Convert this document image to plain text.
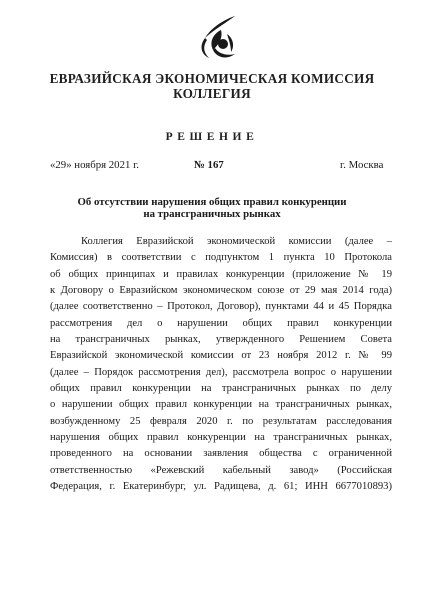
ЕВРАЗИЙСКАЯ ЭКОНОМИЧЕСКАЯ КОМИССИЯ
КОЛЛЕГИЯ
РЕШЕНИЕ
«29» ноября 2021 г.	№ 167	г. Москва
Об отсутствии нарушения общих правил конкуренции
на трансграничных рынках
Коллегия Евразийской экономической комиссии (далее –
Комиссия) в соответствии с подпунктом 1 пункта 10 Протокола
об общих принципах и правилах конкуренции (приложение № 19
к Договору о Евразийском экономическом союзе от 29 мая 2014 года)
(далее соответственно – Протокол, Договор), пунктами 44 и 45 Порядка
рассмотрения дел о нарушении общих правил конкуренции
на трансграничных рынках, утвержденного Решением Совета
Евразийской экономической комиссии от 23 ноября 2012 г. № 99
(далее – Порядок рассмотрения дел), рассмотрела вопрос о нарушении
общих правил конкуренции на трансграничных рынках по делу
о нарушении общих правил конкуренции на трансграничных рынках,
возбужденному 25 февраля 2020 г. по результатам расследования
нарушения общих правил конкуренции на трансграничных рынках,
проведенного на основании заявления общества с ограниченной
ответственностью «Режевский кабельный завод» (Российская
Федерация, г. Екатеринбург, ул. Радищева, д. 61; ИНН 6677010893)
